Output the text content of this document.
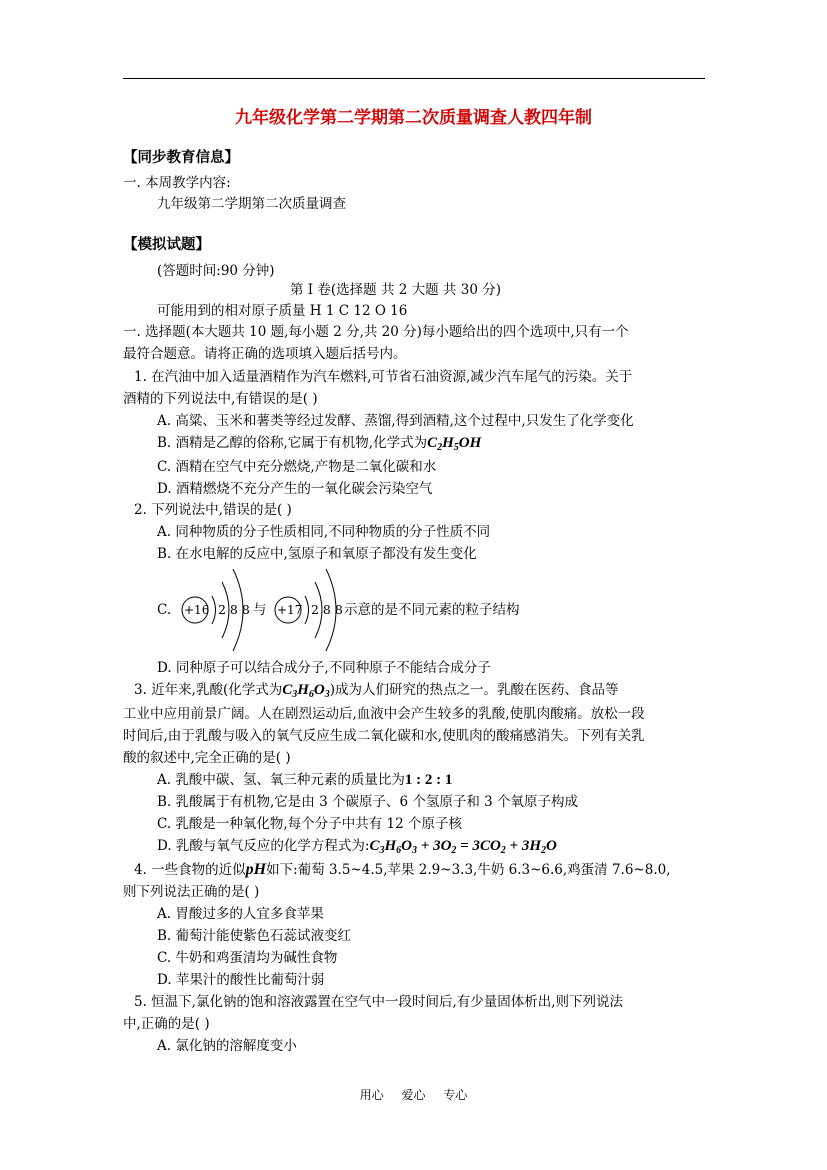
九年级化学第二学期第二次质量调查人教四年制
【同步教育信息】
一. 本周教学内容:
九年级第二学期第二次质量调查
【模拟试题】
(答题时间:90 分钟)
第 I 卷(选择题 共 2 大题 共 30 分)
可能用到的相对原子质量 H 1 C 12 O 16
一. 选择题(本大题共 10 题,每小题 2 分,共 20 分)每小题给出的四个选项中,只有一个
最符合题意。请将正确的选项填入题后括号内。
1. 在汽油中加入适量酒精作为汽车燃料,可节省石油资源,减少汽车尾气的污染。关于
酒精的下列说法中,有错误的是( )
A. 高粱、玉米和薯类等经过发酵、蒸馏,得到酒精,这个过程中,只发生了化学变化
B. 酒精是乙醇的俗称,它属于有机物,化学式为$C_2H_5OH$
C. 酒精在空气中充分燃烧,产物是二氧化碳和水
D. 酒精燃烧不充分产生的一氧化碳会污染空气
2. 下列说法中,错误的是( )
A. 同种物质的分子性质相同,不同种物质的分子性质不同
B. 在水电解的反应中,氢原子和氧原子都没有发生变化
C. +16 2 8 8 与 +17 2 8 8 示意的是不同元素的粒子结构
D. 同种原子可以结合成分子,不同种原子不能结合成分子
3. 近年来,乳酸(化学式为$C_3H_6O_3$)成为人们研究的热点之一。乳酸在医药、食品等
工业中应用前景广阔。人在剧烈运动后,血液中会产生较多的乳酸,使肌肉酸痛。放松一段
时间后,由于乳酸与吸入的氧气反应生成二氧化碳和水,使肌肉的酸痛感消失。下列有关乳
酸的叙述中,完全正确的是( )
A. 乳酸中碳、氢、氧三种元素的质量比为1 : 2 : 1
B. 乳酸属于有机物,它是由 3 个碳原子、6 个氢原子和 3 个氧原子构成
C. 乳酸是一种氧化物,每个分子中共有 12 个原子核
D. 乳酸与氧气反应的化学方程式为$:C_3H_6O_3 + 3O_2 = 3CO_2 + 3H_2O$
4. 一些食物的近似pH如下:葡萄 3.5~4.5,苹果 2.9~3.3,牛奶 6.3~6.6,鸡蛋清 7.6~8.0,
则下列说法正确的是( )
A. 胃酸过多的人宜多食苹果
B. 葡萄汁能使紫色石蕊试液变红
C. 牛奶和鸡蛋清均为碱性食物
D. 苹果汁的酸性比葡萄汁弱
5. 恒温下,氯化钠的饱和溶液露置在空气中一段时间后,有少量固体析出,则下列说法
中,正确的是( )
A. 氯化钠的溶解度变小
用心 爱心 专心
